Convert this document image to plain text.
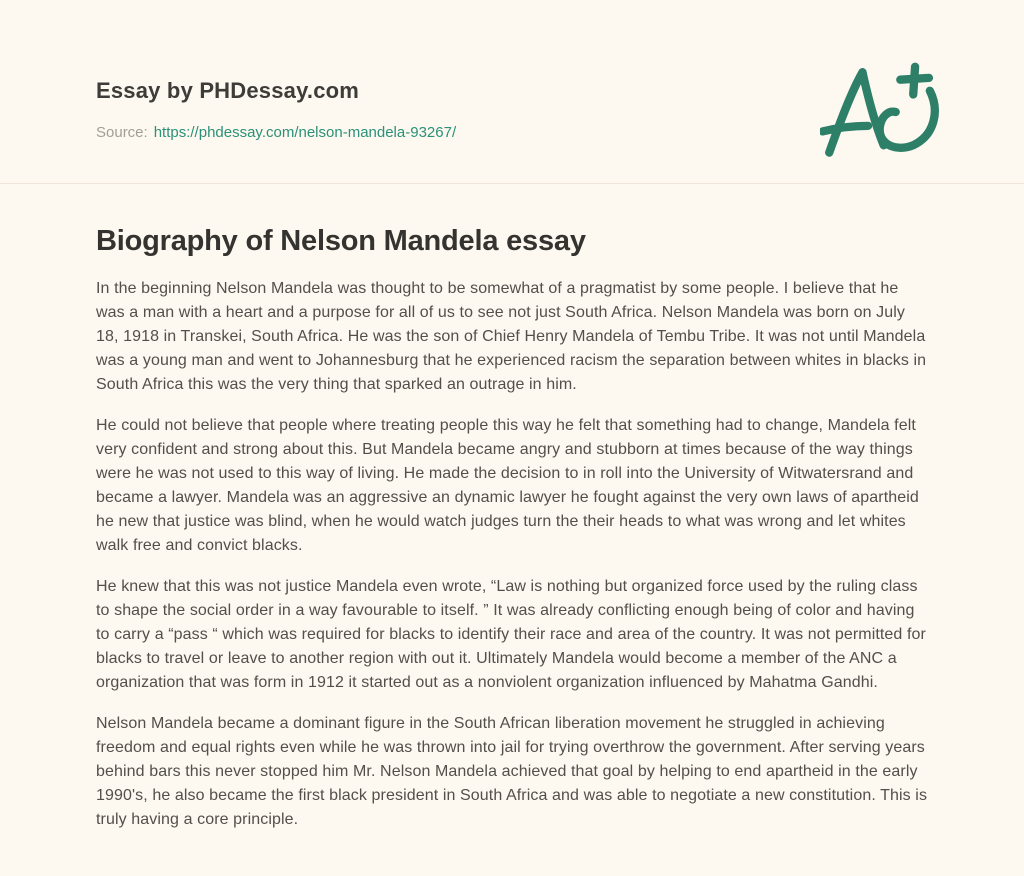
Essay by PHDessay.com
Source: https://phdessay.com/nelson-mandela-93267/
Biography of Nelson Mandela essay

In the beginning Nelson Mandela was thought to be somewhat of a pragmatist by some people. I believe that he was a man with a heart and a purpose for all of us to see not just South Africa. Nelson Mandela was born on July 18, 1918 in Transkei, South Africa. He was the son of Chief Henry Mandela of Tembu Tribe. It was not until Mandela was a young man and went to Johannesburg that he experienced racism the separation between whites in blacks in South Africa this was the very thing that sparked an outrage in him.

He could not believe that people where treating people this way he felt that something had to change, Mandela felt very confident and strong about this. But Mandela became angry and stubborn at times because of the way things were he was not used to this way of living. He made the decision to in roll into the University of Witwatersrand and became a lawyer. Mandela was an aggressive an dynamic lawyer he fought against the very own laws of apartheid he new that justice was blind, when he would watch judges turn the their heads to what was wrong and let whites walk free and convict blacks.

He knew that this was not justice Mandela even wrote, “Law is nothing but organized force used by the ruling class to shape the social order in a way favourable to itself. ” It was already conflicting enough being of color and having to carry a “pass “ which was required for blacks to identify their race and area of the country. It was not permitted for blacks to travel or leave to another region with out it. Ultimately Mandela would become a member of the ANC a organization that was form in 1912 it started out as a nonviolent organization influenced by Mahatma Gandhi.

Nelson Mandela became a dominant figure in the South African liberation movement he struggled in achieving freedom and equal rights even while he was thrown into jail for trying overthrow the government. After serving years behind bars this never stopped him Mr. Nelson Mandela achieved that goal by helping to end apartheid in the early 1990's, he also became the first black president in South Africa and was able to negotiate a new constitution. This is truly having a core principle.
